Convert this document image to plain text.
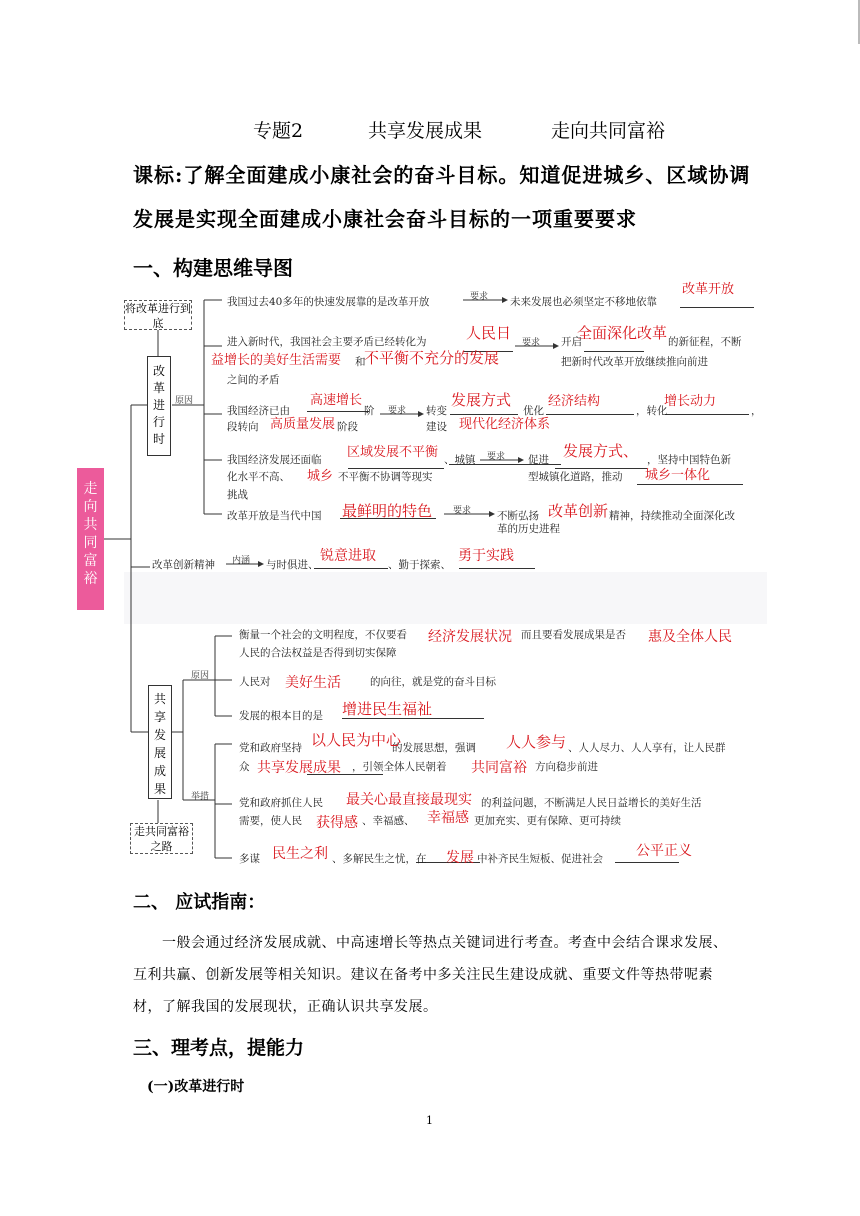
专题2	共享发展成果	走向共同富裕
课标:了解全面建成小康社会的奋斗目标。知道促进城乡、区域协调
发展是实现全面建成小康社会奋斗目标的一项重要要求
一、构建思维导图
走向共同富裕
改革进行时
共享发展成果
将改革进行到底
走共同富裕之路
原因
原因
举措
要求
要求
要求
要求
要求
内涵
我国过去40多年的快速发展靠的是改革开放	未来发展也必须坚定不移地依靠
进入新时代，我国社会主要矛盾已经转化为
和
之间的矛盾
开启	的新征程，不断
把新时代改革开放继续推向前进
我国经济已由	阶
段转向	阶段
转变	优化	，转化	，
建设
我国经济发展还面临	、城镇
化水平不高、	不平衡不协调等现实
挑战
促进	，坚持中国特色新
型城镇化道路，推动
改革开放是当代中国	不断弘扬	精神，持续推动全面深化改
革的历史进程
改革创新精神	与时俱进、	、勤于探索、
衡量一个社会的文明程度，不仅要看	而且要看发展成果是否
人民的合法权益是否得到切实保障
人民对	的向往，就是党的奋斗目标
发展的根本目的是
党和政府坚持	的发展思想，强调	、人人尽力、人人享有，让人民群
众	，引领全体人民朝着	方向稳步前进
党和政府抓住人民	的利益问题，不断满足人民日益增长的美好生活
需要，使人民	、幸福感、	更加充实、更有保障、更可持续
多谋	、多解民生之忧，在	中补齐民生短板、促进社会
改革开放
人民日
益增长的美好生活需要 不平衡不充分的发展
全面深化改革
高速增长
高质量发展
发展方式	经济结构	增长动力
现代化经济体系
区域发展不平衡
城乡
发展方式、
城乡一体化
最鲜明的特色	改革创新
锐意进取	勇于实践
经济发展状况	惠及全体人民
美好生活
增进民生福祉
以人民为中心	人人参与
共享发展成果	共同富裕
最关心最直接最现实
获得感	幸福感
民生之利	发展	公平正义
二、 应试指南：
一般会通过经济发展成就、中高速增长等热点关键词进行考查。考查中会结合课求发展、
互利共赢、创新发展等相关知识。建议在备考中多关注民生建设成就、重要文件等热带呢素
材，了解我国的发展现状，正确认识共享发展。
三、理考点，提能力
(一)改革进行时
1
